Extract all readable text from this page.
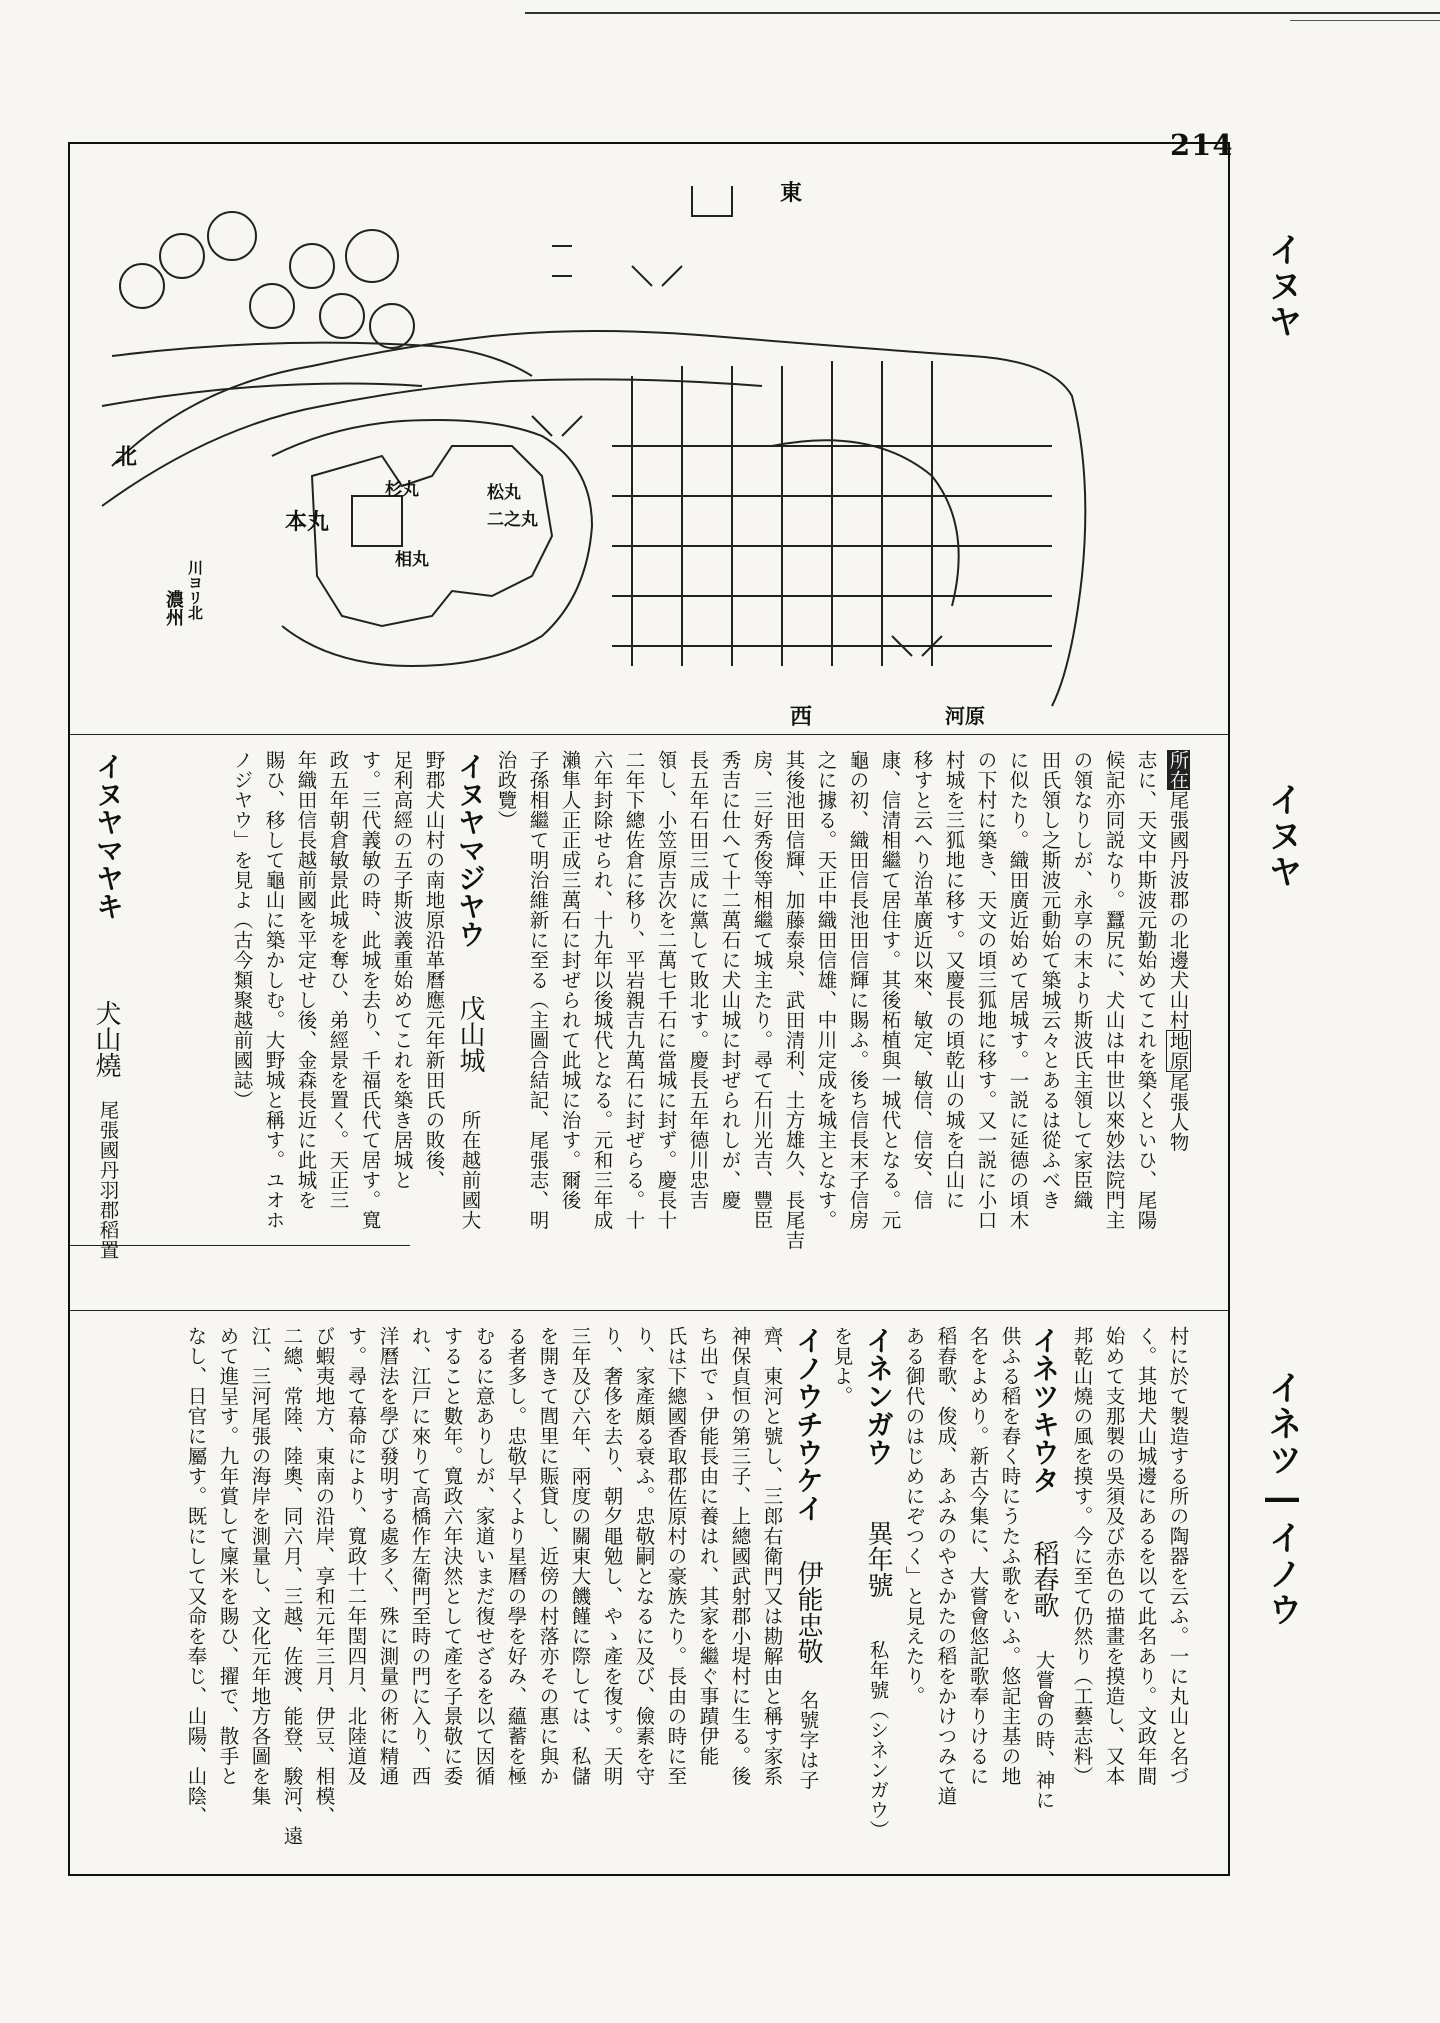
214
本丸
杉丸	松丸
二之丸
相丸
北
西
東
河原
濃州 川ヨリ北
イヌヤ
イヌヤ
イネツ―イノウ
所在尾張國丹波郡の北邊犬山村地原尾張人物
志に、天文中斯波元勤始めてこれを築くといひ、尾陽
候記亦同説なり。蠶尻に、犬山は中世以來妙法院門主
の領なりしが、永享の末より斯波氏主領して家臣織
田氏領し之斯波元動始て築城云々とあるは從ふべき
に似たり。織田廣近始めて居城す。一説に延德の頃木
の下村に築き、天文の頃三狐地に移す。又一説に小口
村城を三狐地に移す。又慶長の頃乾山の城を白山に
移すと云へり治革廣近以來、敏定、敏信、信安、信
康、信清相繼て居住す。其後柘植與一城代となる。元
龜の初、織田信長池田信輝に賜ふ。後ち信長末子信房
之に據る。天正中織田信雄、中川定成を城主となす。
其後池田信輝、加藤泰泉、武田清利、土方雄久、長尾吉
房、三好秀俊等相繼て城主たり。尋て石川光吉、豐臣
秀吉に仕へて十二萬石に犬山城に封ぜられしが、慶
長五年石田三成に黨して敗北す。慶長五年德川忠吉
領し、小笠原吉次を二萬七千石に當城に封ず。慶長十
二年下總佐倉に移り、平岩親吉九萬石に封ぜらる。十
六年封除せられ、十九年以後城代となる。元和三年成
瀨隼人正正成三萬石に封ぜられて此城に治す。爾後
子孫相繼て明治維新に至る（主圖合結記、尾張志、明
治政覽）
イヌヤマジヤウ
戊山城
所在越前國大
野郡犬山村の南地原沿革曆應元年新田氏の敗後、
足利高經の五子斯波義重始めてこれを築き居城と
す。三代義敏の時、此城を去り、千福氏代て居す。寬
政五年朝倉敏景此城を奪ひ、弟經景を置く。天正三
年織田信長越前國を平定せし後、金森長近に此城を
賜ひ、移して龜山に築かしむ。大野城と稱す。ユオホ
ノジヤウ」を見よ（古今類聚越前國誌）
イヌヤマヤキ
犬山燒
尾張國丹羽郡稻置
村に於て製造する所の陶器を云ふ。一に丸山と名づ
く。其地犬山城邊にあるを以て此名あり。文政年間
始めて支那製の吳須及び赤色の描畫を摸造し、又本
邦乾山燒の風を摸す。今に至て仍然り（工藝志料）
イネツキウタ
稻舂歌
大嘗會の時、神に
供ふる稻を舂く時にうたふ歌をいふ。悠記主基の地
名をよめり。新古今集に、大嘗會悠記歌奉りけるに
稻舂歌、俊成、あふみのやさかたの稻をかけつみて道
ある御代のはじめにぞつく」と見えたり。
イネンガウ
異年號
私年號（シネンガウ）
を見よ。
イノウチウケイ
伊能忠敬
名號字は子
齊、東河と號し、三郎右衛門又は勘解由と稱す家系
神保貞恒の第三子、上總國武射郡小堤村に生る。後
ち出でゝ伊能長由に養はれ、其家を繼ぐ事蹟伊能
氏は下總國香取郡佐原村の豪族たり。長由の時に至
り、家產頗る衰ふ。忠敬嗣となるに及び、儉素を守
り、奢侈を去り、朝夕黽勉し、やゝ產を復す。天明
三年及び六年、兩度の關東大饑饉に際しては、私儲
を開きて閭里に賑貸し、近傍の村落亦その惠に與か
る者多し。忠敬早くより星曆の學を好み、蘊蓄を極
むるに意ありしが、家道いまだ復せざるを以て因循
すること數年。寬政六年決然として產を子景敬に委
れ、江戸に來りて高橋作左衛門至時の門に入り、西
洋曆法を學び發明する處多く、殊に測量の術に精通
す。尋て幕命により、寬政十二年閏四月、北陸道及
び蝦夷地方、東南の沿岸、享和元年三月、伊豆、相模、
二總、常陸、陸奧、同六月、三越、佐渡、能登、駿河、遠
江、三河尾張の海岸を測量し、文化元年地方各圖を集
めて進呈す。九年賞して廩米を賜ひ、擢で、散手と
なし、日官に屬す。既にして又命を奉じ、山陽、山陰、
